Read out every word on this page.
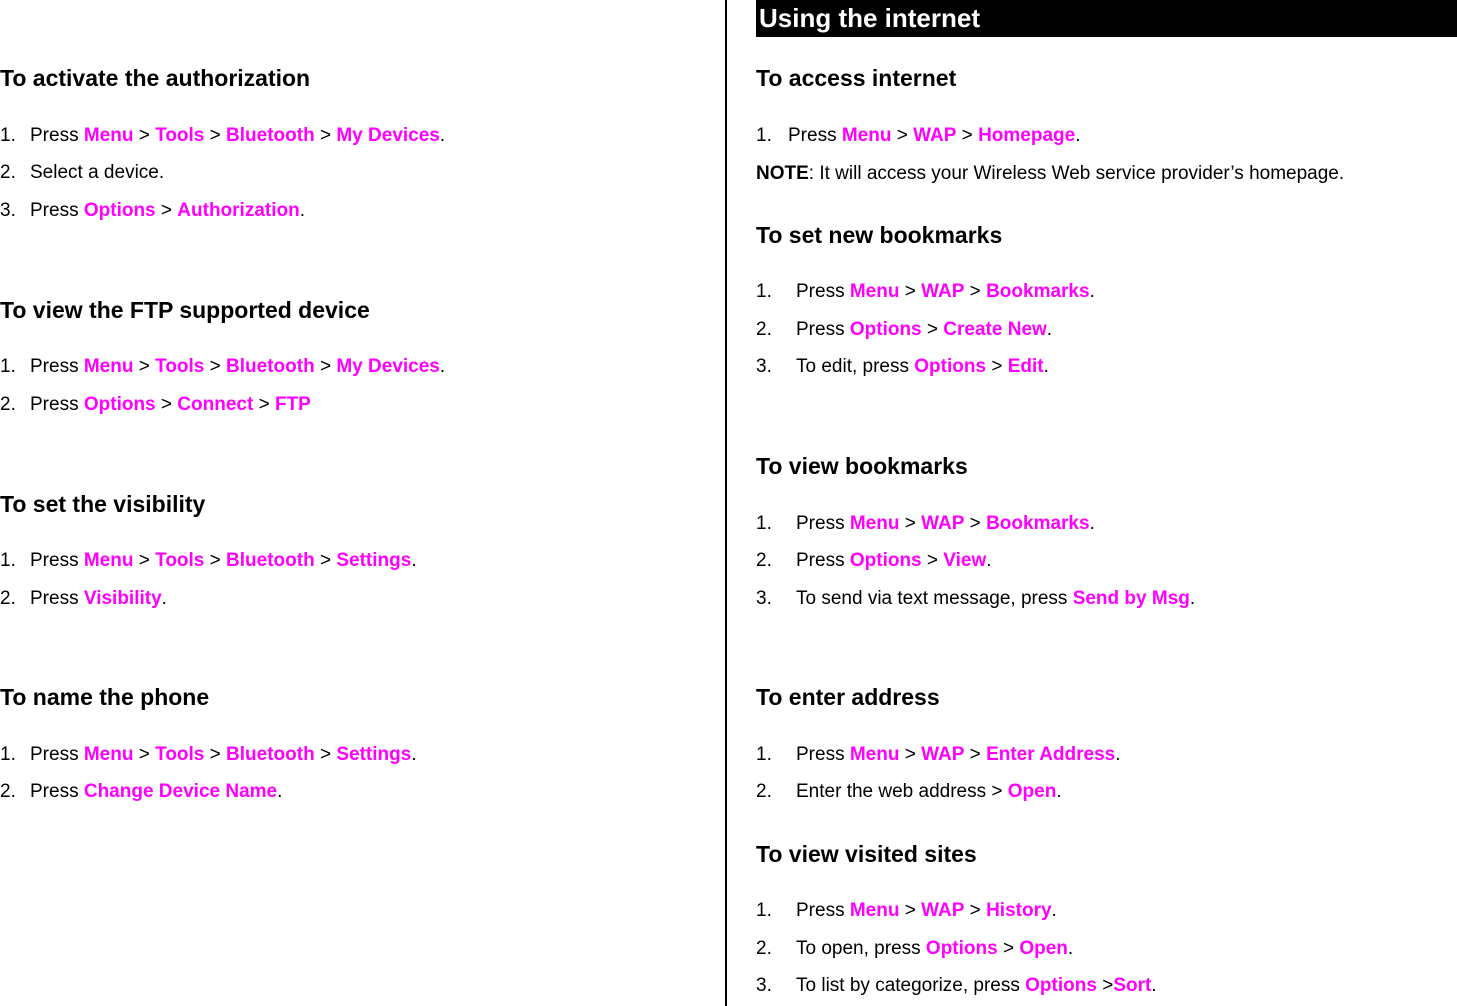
To activate the authorization
1. Press Menu > Tools > Bluetooth > My Devices.
2. Select a device.
3. Press Options > Authorization.
To view the FTP supported device
1. Press Menu > Tools > Bluetooth > My Devices.
2. Press Options > Connect > FTP
To set the visibility
1. Press Menu > Tools > Bluetooth > Settings.
2. Press Visibility.
To name the phone
1. Press Menu > Tools > Bluetooth > Settings.
2. Press Change Device Name.
Using the internet
To access internet
1. Press Menu > WAP > Homepage.
NOTE: It will access your Wireless Web service provider’s homepage.
To set new bookmarks
1. Press Menu > WAP > Bookmarks.
2. Press Options > Create New.
3. To edit, press Options > Edit.
To view bookmarks
1. Press Menu > WAP > Bookmarks.
2. Press Options > View.
3. To send via text message, press Send by Msg.
To enter address
1. Press Menu > WAP > Enter Address.
2. Enter the web address > Open.
To view visited sites
1. Press Menu > WAP > History.
2. To open, press Options > Open.
3. To list by categorize, press Options >Sort.
